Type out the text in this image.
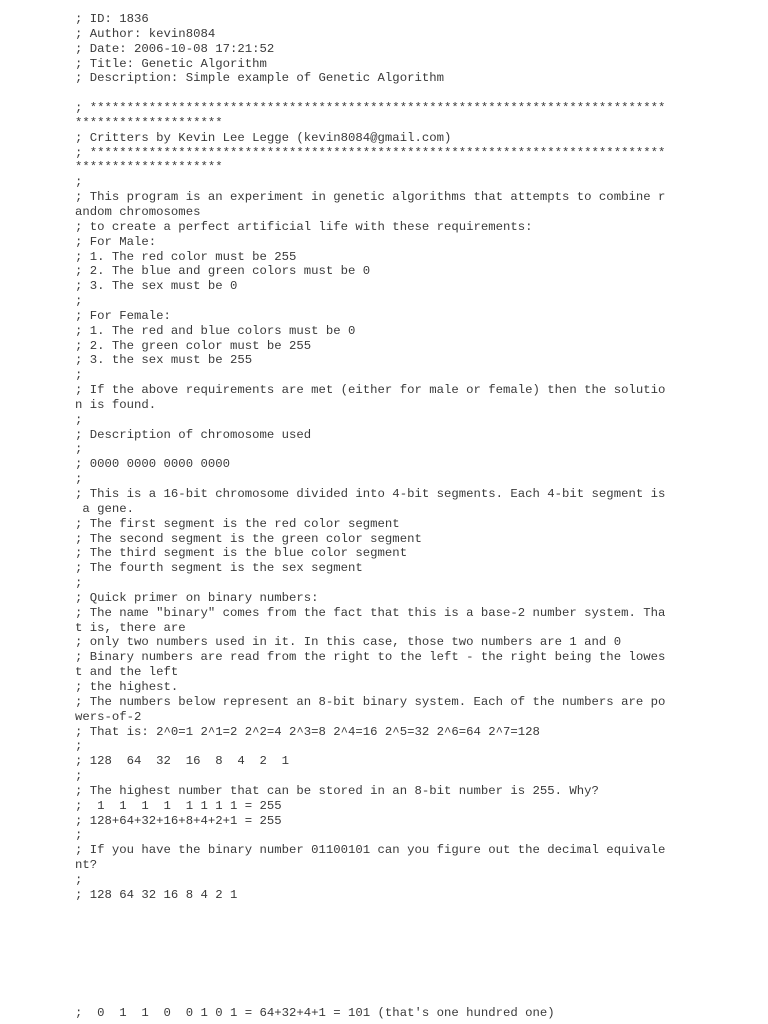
; ID: 1836
; Author: kevin8084
; Date: 2006-10-08 17:21:52
; Title: Genetic Algorithm
; Description: Simple example of Genetic Algorithm
; ******************************************************************************
********************
; Critters by Kevin Lee Legge (kevin8084@gmail.com)
; ******************************************************************************
********************
;
; This program is an experiment in genetic algorithms that attempts to combine r
andom chromosomes
; to create a perfect artificial life with these requirements:
; For Male:
; 1. The red color must be 255
; 2. The blue and green colors must be 0
; 3. The sex must be 0
;
; For Female:
; 1. The red and blue colors must be 0
; 2. The green color must be 255
; 3. the sex must be 255
;
; If the above requirements are met (either for male or female) then the solutio
n is found.
;
; Description of chromosome used
;
; 0000 0000 0000 0000
;
; This is a 16-bit chromosome divided into 4-bit segments. Each 4-bit segment is
a gene.
; The first segment is the red color segment
; The second segment is the green color segment
; The third segment is the blue color segment
; The fourth segment is the sex segment
;
; Quick primer on binary numbers:
; The name "binary" comes from the fact that this is a base-2 number system. Tha
t is, there are
; only two numbers used in it. In this case, those two numbers are 1 and 0
; Binary numbers are read from the right to the left - the right being the lowes
t and the left
; the highest.
; The numbers below represent an 8-bit binary system. Each of the numbers are po
wers-of-2
; That is: 2^0=1 2^1=2 2^2=4 2^3=8 2^4=16 2^5=32 2^6=64 2^7=128
;
; 128  64  32  16  8  4  2  1
;
; The highest number that can be stored in an 8-bit number is 255. Why?
;  1  1  1  1  1 1 1 1 = 255
; 128+64+32+16+8+4+2+1 = 255
;
; If you have the binary number 01100101 can you figure out the decimal equivale
nt?
;
; 128 64 32 16 8 4 2 1
;  0  1  1  0  0 1 0 1 = 64+32+4+1 = 101 (that's one hundred one)
